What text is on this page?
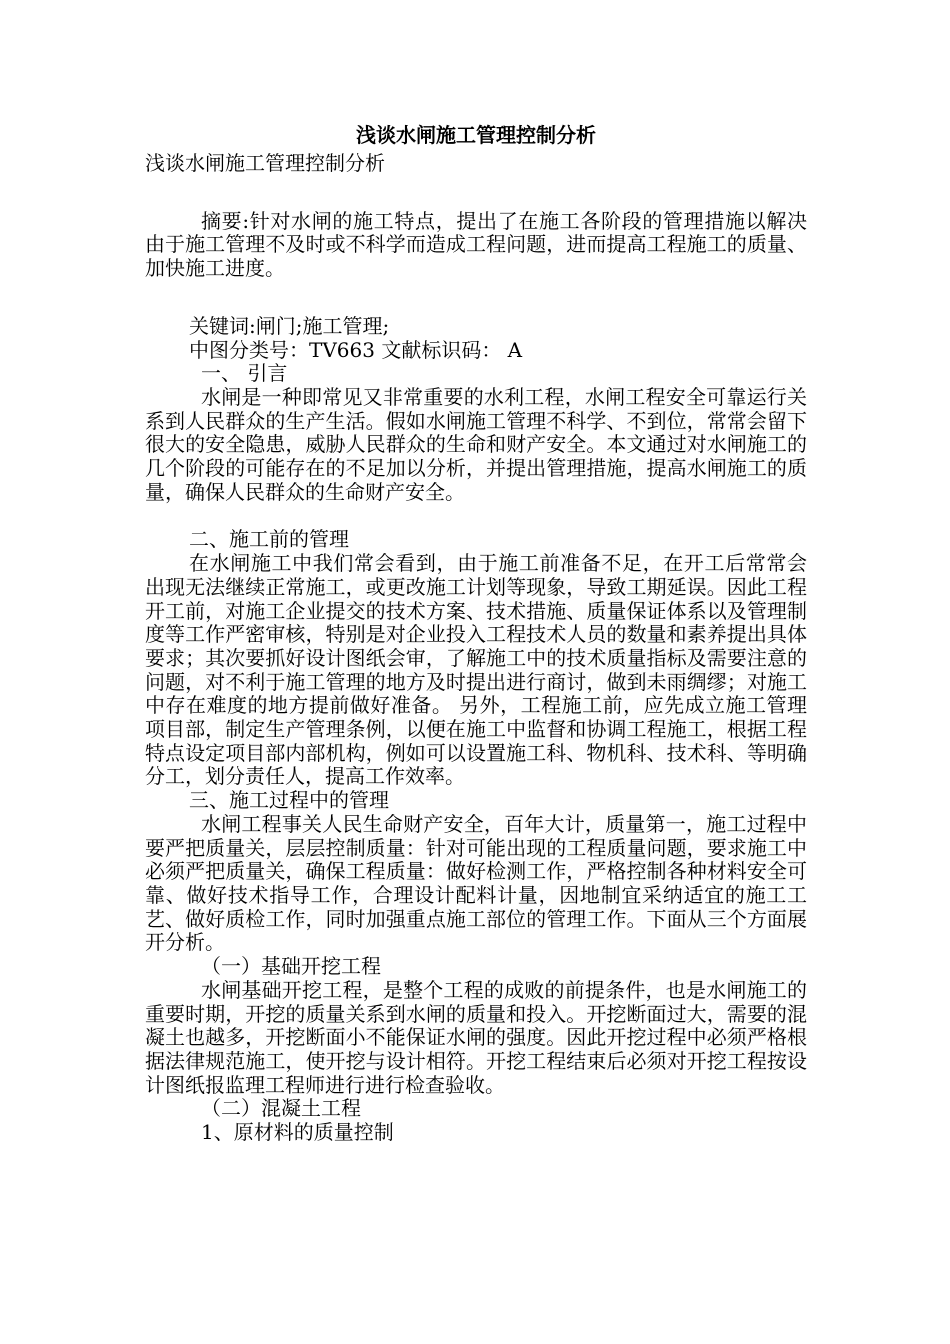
浅谈水闸施工管理控制分析

浅谈水闸施工管理控制分析

摘要:针对水闸的施工特点，提出了在施工各阶段的管理措施以解决由于施工管理不及时或不科学而造成工程问题，进而提高工程施工的质量、加快施工进度。

关键词:闸门;施工管理;

中图分类号：TV663 文献标识码： A

一、 引言

水闸是一种即常见又非常重要的水利工程，水闸工程安全可靠运行关系到人民群众的生产生活。假如水闸施工管理不科学、不到位，常常会留下很大的安全隐患，威胁人民群众的生命和财产安全。本文通过对水闸施工的几个阶段的可能存在的不足加以分析，并提出管理措施，提高水闸施工的质量，确保人民群众的生命财产安全。

二、施工前的管理

在水闸施工中我们常会看到，由于施工前准备不足，在开工后常常会出现无法继续正常施工，或更改施工计划等现象，导致工期延误。因此工程开工前，对施工企业提交的技术方案、技术措施、质量保证体系以及管理制度等工作严密审核，特别是对企业投入工程技术人员的数量和素养提出具体要求；其次要抓好设计图纸会审，了解施工中的技术质量指标及需要注意的问题，对不利于施工管理的地方及时提出进行商讨，做到未雨绸缪；对施工中存在难度的地方提前做好准备。 另外，工程施工前，应先成立施工管理项目部，制定生产管理条例，以便在施工中监督和协调工程施工，根据工程特点设定项目部内部机构，例如可以设置施工科、物机科、技术科、等明确分工，划分责任人，提高工作效率。

三、施工过程中的管理

水闸工程事关人民生命财产安全，百年大计，质量第一，施工过程中要严把质量关，层层控制质量：针对可能出现的工程质量问题，要求施工中必须严把质量关，确保工程质量：做好检测工作，严格控制各种材料安全可靠、做好技术指导工作，合理设计配料计量，因地制宜采纳适宜的施工工艺、做好质检工作，同时加强重点施工部位的管理工作。下面从三个方面展开分析。

（一）基础开挖工程

水闸基础开挖工程，是整个工程的成败的前提条件，也是水闸施工的重要时期，开挖的质量关系到水闸的质量和投入。开挖断面过大，需要的混凝土也越多，开挖断面小不能保证水闸的强度。因此开挖过程中必须严格根据法律规范施工，使开挖与设计相符。开挖工程结束后必须对开挖工程按设计图纸报监理工程师进行进行检查验收。

（二）混凝土工程

1、原材料的质量控制
